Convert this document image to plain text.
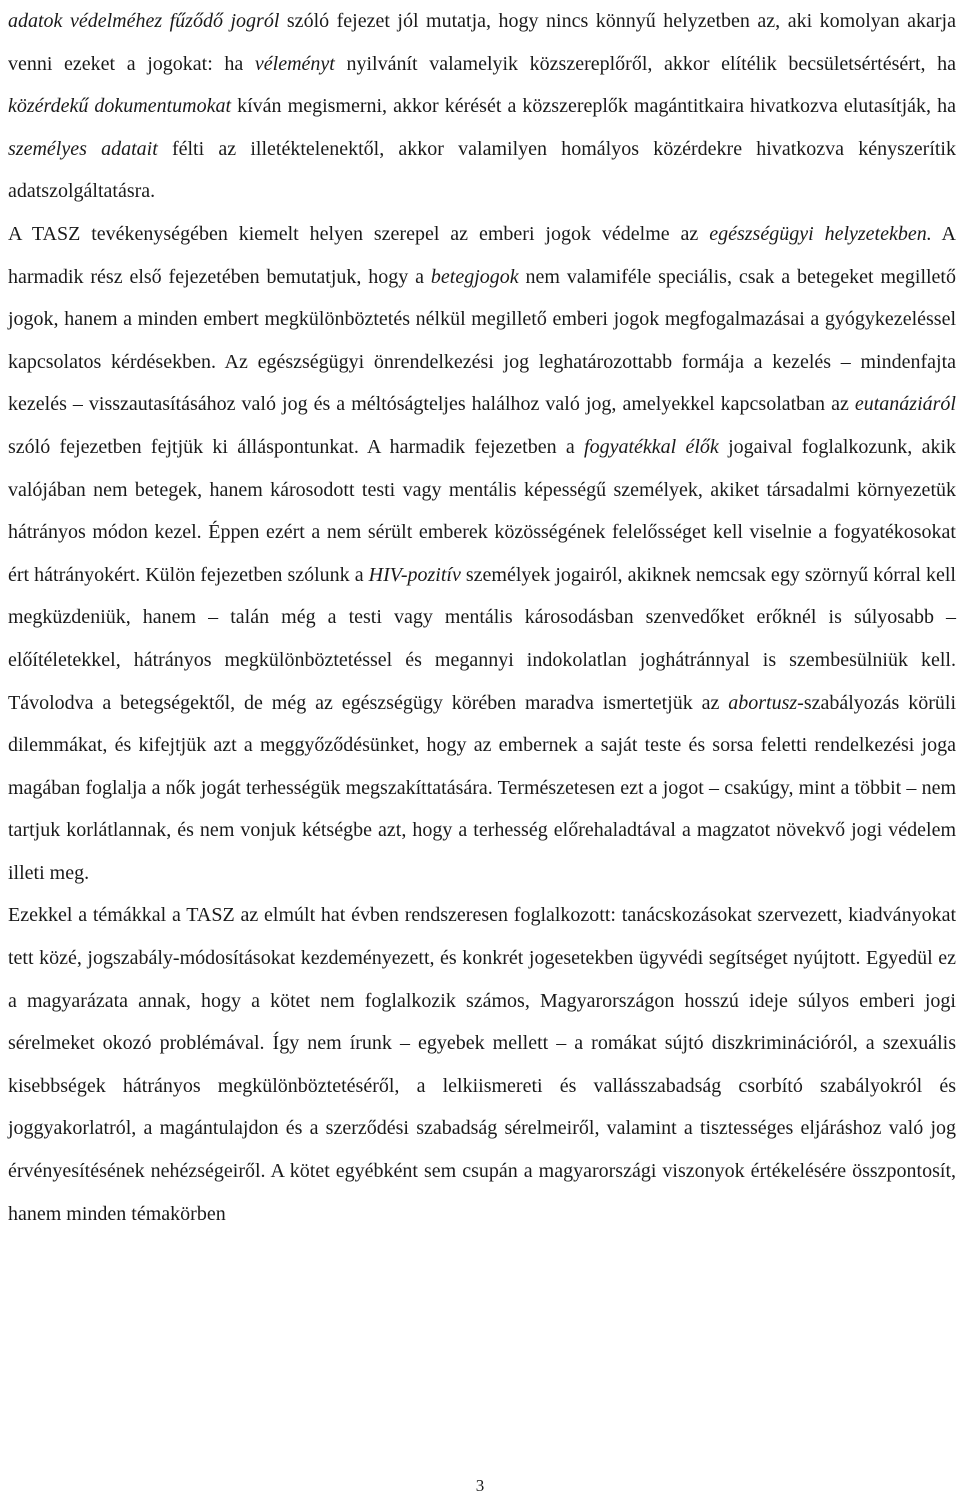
adatok védelméhez fűződő jogról szóló fejezet jól mutatja, hogy nincs könnyű helyzetben az, aki komolyan akarja venni ezeket a jogokat: ha véleményt nyilvánít valamelyik közszereplőről, akkor elítélik becsületsértésért, ha közérdekű dokumentumokat kíván megismerni, akkor kérését a közszereplők magántitkaira hivatkozva elutasítják, ha személyes adatait félti az illetéktelenektől, akkor valamilyen homályos közérdekre hivatkozva kényszerítik adatszolgáltatásra.

A TASZ tevékenységében kiemelt helyen szerepel az emberi jogok védelme az egészségügyi helyzetekben. A harmadik rész első fejezetében bemutatjuk, hogy a betegjogok nem valamiféle speciális, csak a betegeket megillető jogok, hanem a minden embert megkülönböztetés nélkül megillető emberi jogok megfogalmazásai a gyógykezeléssel kapcsolatos kérdésekben. Az egészségügyi önrendelkezési jog leghatározottabb formája a kezelés – mindenfajta kezelés – visszautasításához való jog és a méltóságteljes halálhoz való jog, amelyekkel kapcsolatban az eutanáziáról szóló fejezetben fejtjük ki álláspontunkat. A harmadik fejezetben a fogyatékkal élők jogaival foglalkozunk, akik valójában nem betegek, hanem károsodott testi vagy mentális képességű személyek, akiket társadalmi környezetük hátrányos módon kezel. Éppen ezért a nem sérült emberek közösségének felelősséget kell viselnie a fogyatékosokat ért hátrányokért. Külön fejezetben szólunk a HIV-pozitív személyek jogairól, akiknek nemcsak egy szörnyű kórral kell megküzdeniük, hanem – talán még a testi vagy mentális károsodásban szenvedőket erőknél is súlyosabb – előítéletekkel, hátrányos megkülönböztetéssel és megannyi indokolatlan joghátránnyal is szembesülniük kell. Távolodva a betegségektől, de még az egészségügy körében maradva ismertetjük az abortusz-szabályozás körüli dilemmákat, és kifejtjük azt a meggyőződésünket, hogy az embernek a saját teste és sorsa feletti rendelkezési joga magában foglalja a nők jogát terhességük megszakíttatására. Természetesen ezt a jogot – csakúgy, mint a többit – nem tartjuk korlátlannak, és nem vonjuk kétségbe azt, hogy a terhesség előrehaladtával a magzatot növekvő jogi védelem illeti meg.

Ezekkel a témákkal a TASZ az elmúlt hat évben rendszeresen foglalkozott: tanácskozásokat szervezett, kiadványokat tett közé, jogszabály-módosításokat kezdeményezett, és konkrét jogesetekben ügyvédi segítséget nyújtott. Egyedül ez a magyarázata annak, hogy a kötet nem foglalkozik számos, Magyarországon hosszú ideje súlyos emberi jogi sérelmeket okozó problémával. Így nem írunk – egyebek mellett – a romákat sújtó diszkriminációról, a szexuális kisebbségek hátrányos megkülönböztetéséről, a lelkiismereti és vallásszabadság csorbító szabályokról és joggyakorlatról, a magántulajdon és a szerződési szabadság sérelmeiről, valamint a tisztességes eljáráshoz való jog érvényesítésének nehézségeiről. A kötet egyébként sem csupán a magyarországi viszonyok értékelésére összpontosít, hanem minden témakörben

3
